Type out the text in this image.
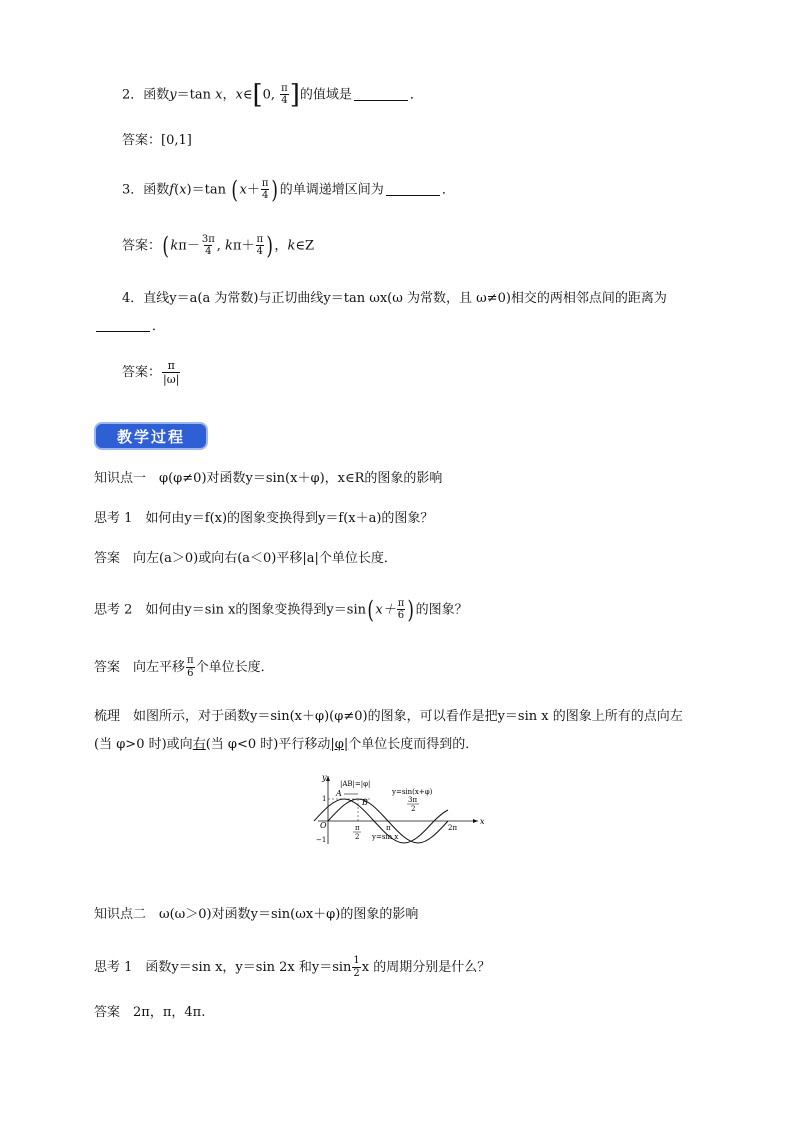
2．函数y＝tan x，x∈[0, $\frac{\pi}{4}$ ]的值域是	．
答案：[0,1]
3．函数f(x)＝tan ($x+ \frac{\pi}{4}$ )的单调递增区间为	．
答案：($k\pi- \frac{3\pi}{4}$ , $k\pi+ \frac{\pi}{4}$ )，k∈Z
4．直线y＝a(a 为常数)与正切曲线y＝tan ωx(ω 为常数，且 ω≠0)相交的两相邻点间的距离为
．
答案： $\frac{\pi}{|\omega|}$
教学过程
知识点一　φ(φ≠0)对函数y＝sin(x＋φ)，x∈R的图象的影响
思考 1　 如何由y＝f(x)的图象变换得到y＝f(x＋a)的图象？
答案　 向左(a＞0)或向右(a＜0)平移|a|个单位长度．
思考 2　 如何由y＝sin x的图象变换得到$y=\sin(x+ \frac{\pi}{6}$ )的图象？
答案　 向左平移 $\frac{\pi}{6}$ 个单位长度．
梳理　 如图所示，对于函数y＝sin(x＋φ)(φ≠0)的图象，可以看作是把y＝sin x 的图象上所有的点向左
(当 φ>0 时)或向右(当 φ<0 时)平行移动|φ|个单位长度而得到的．
y
x
O
1
−1
|AB|=|φ|
A
B
π
2
π
3π
2
2π
y=sin(x+φ)
y=sin x
知识点二　ω(ω＞0)对函数y＝sin(ωx＋φ)的图象的影响
思考 1　 函数y＝sin x，y＝sin 2x 和$y=\sin \frac{1}{2}$ x 的周期分别是什么？
答案　 2π，π，4π.
